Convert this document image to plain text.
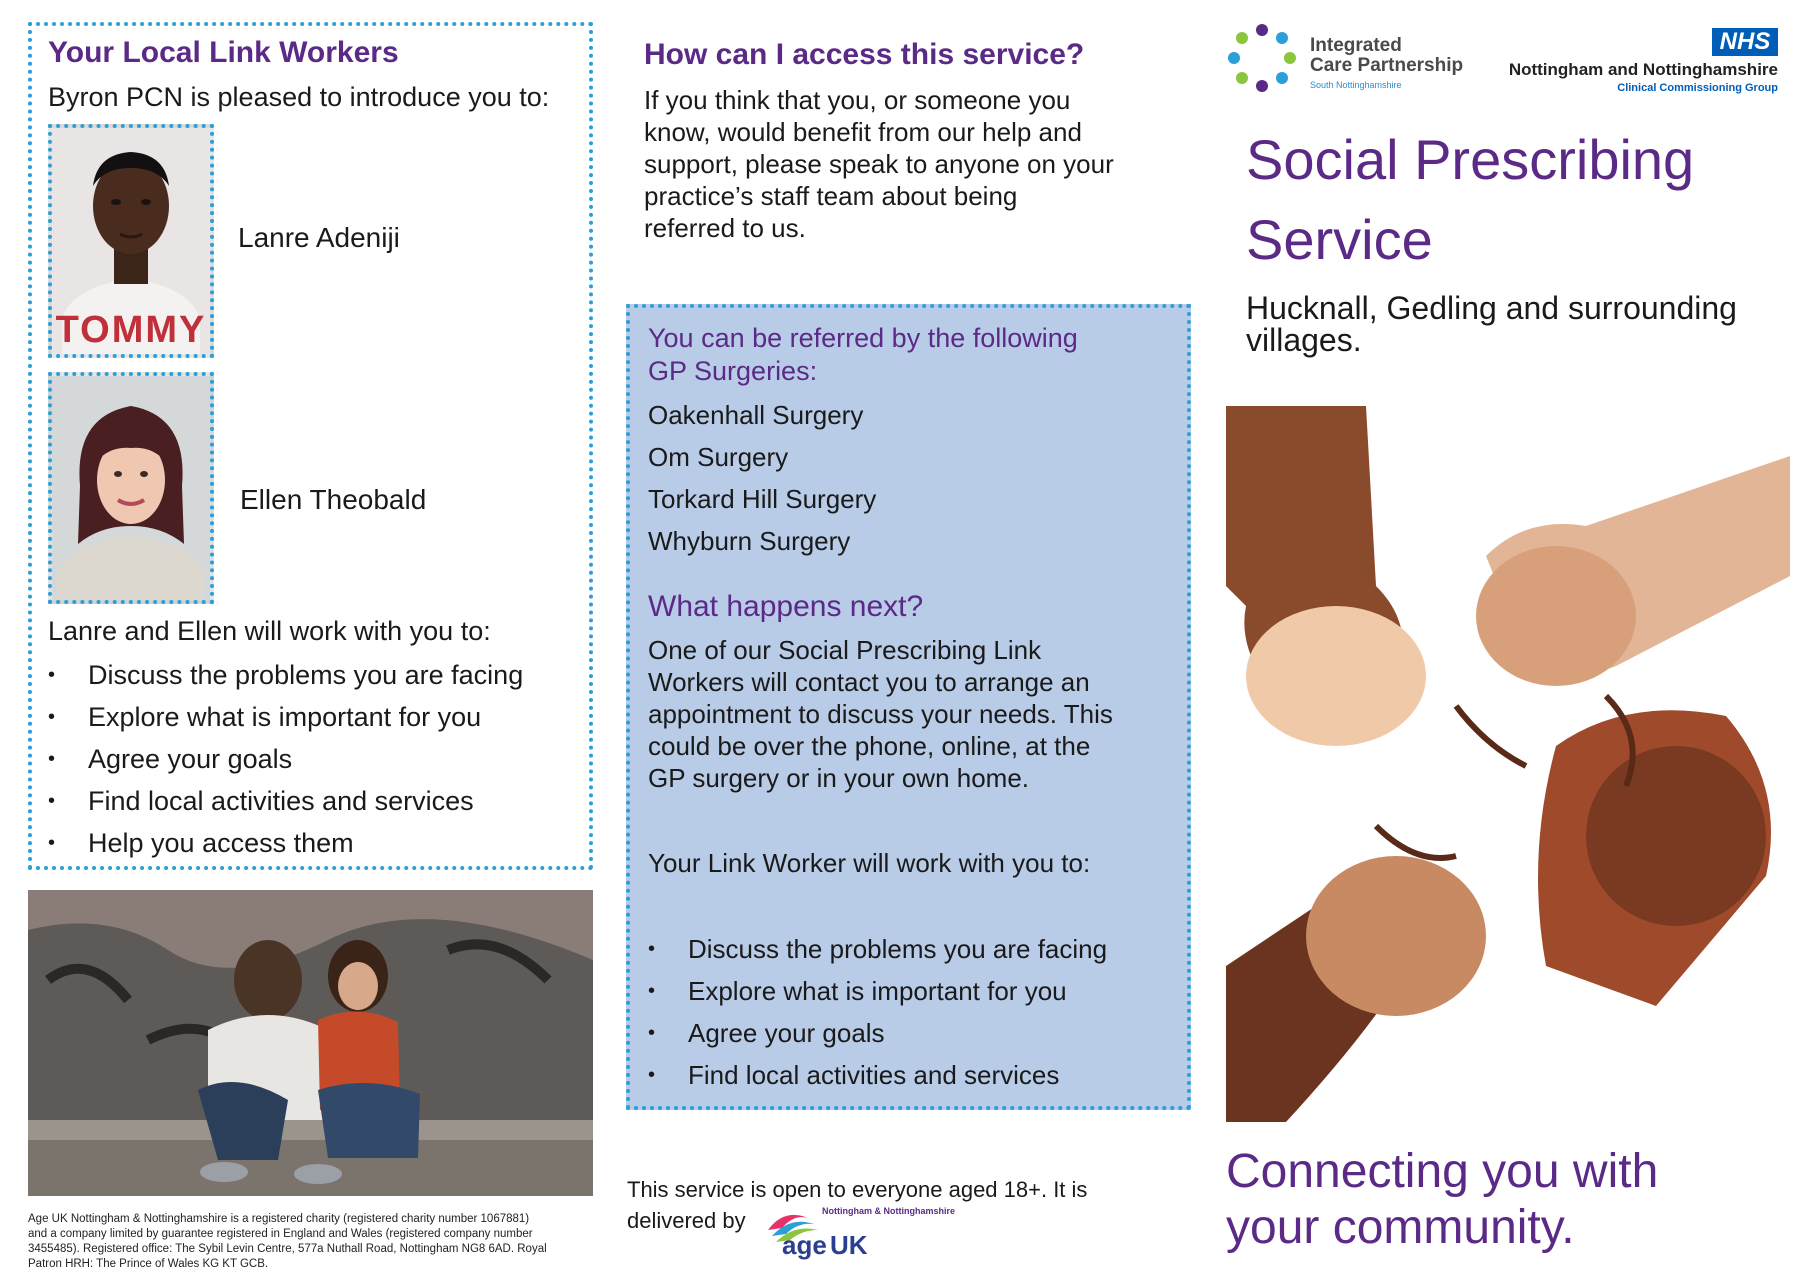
Your Local Link Workers

Byron PCN is pleased to introduce you to:

TOMMY
Lanre Adeniji
Ellen Theobald

Lanre and Ellen will work with you to:

• Discuss the problems you are facing
• Explore what is important for you
• Agree your goals
• Find local activities and services
• Help you access them

Age UK Nottingham & Nottinghamshire is a registered charity (registered charity number 1067881) and a company limited by guarantee registered in England and Wales (registered company number 3455485). Registered office: The Sybil Levin Centre, 577a Nuthall Road, Nottingham NG8 6AD. Royal Patron HRH: The Prince of Wales KG KT GCB.

How can I access this service?

If you think that you, or someone you know, would benefit from our help and support, please speak to anyone on your practice’s staff team about being referred to us.

You can be referred by the following GP Surgeries:
Oakenhall Surgery
Om Surgery
Torkard Hill Surgery
Whyburn Surgery
What happens next?

One of our Social Prescribing Link Workers will contact you to arrange an appointment to discuss your needs. This could be over the phone, online, at the GP surgery or in your own home.

Your Link Worker will work with you to:

• Discuss the problems you are facing
• Explore what is important for you
• Agree your goals
• Find local activities and services
This service is open to everyone aged 18+. It is
delivered by	Nottingham & Nottinghamshire
age UK
Integrated
Care Partnership
South Nottinghamshire
NHS
Nottingham and Nottinghamshire
Clinical Commissioning Group
Social Prescribing
Service

Hucknall, Gedling and surrounding villages.

Connecting you with
your community.
